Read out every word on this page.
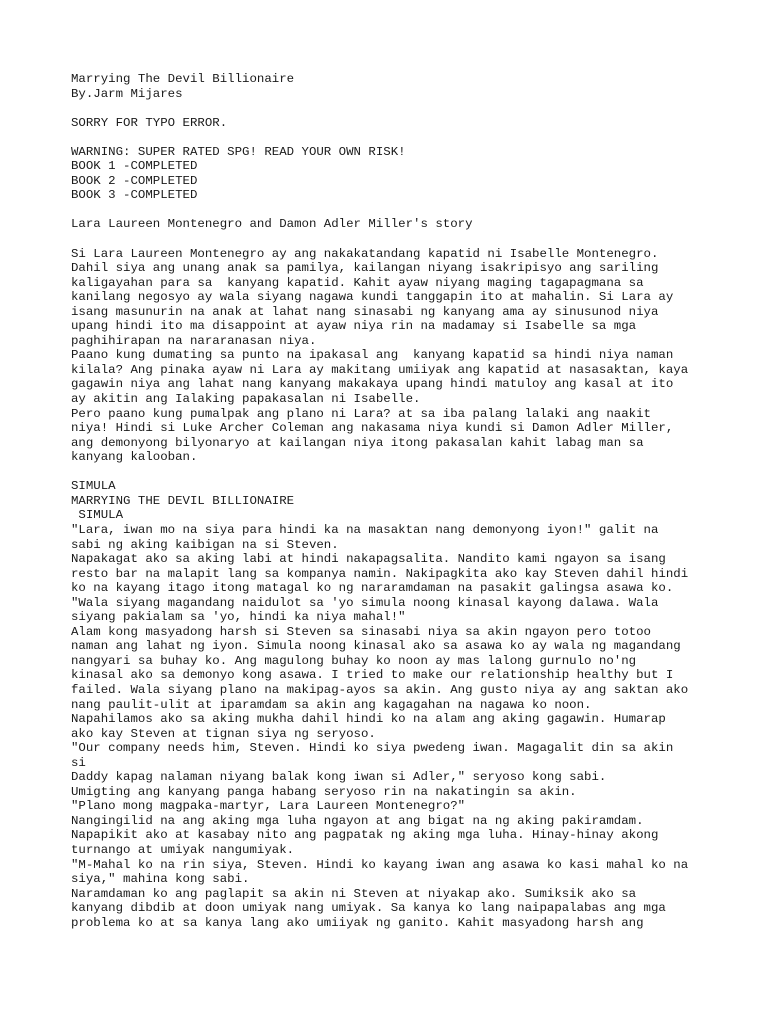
Marrying The Devil Billionaire
By.Jarm Mijares
SORRY FOR TYPO ERROR.
WARNING: SUPER RATED SPG! READ YOUR OWN RISK!
BOOK 1 -COMPLETED
BOOK 2 -COMPLETED
BOOK 3 -COMPLETED
Lara Laureen Montenegro and Damon Adler Miller's story
Si Lara Laureen Montenegro ay ang nakakatandang kapatid ni Isabelle Montenegro.
Dahil siya ang unang anak sa pamilya, kailangan niyang isakripisyo ang sariling
kaligayahan para sa  kanyang kapatid. Kahit ayaw niyang maging tagapagmana sa
kanilang negosyo ay wala siyang nagawa kundi tanggapin ito at mahalin. Si Lara ay
isang masunurin na anak at lahat nang sinasabi ng kanyang ama ay sinusunod niya
upang hindi ito ma disappoint at ayaw niya rin na madamay si Isabelle sa mga
paghihirapan na nararanasan niya.
Paano kung dumating sa punto na ipakasal ang  kanyang kapatid sa hindi niya naman
kilala? Ang pinaka ayaw ni Lara ay makitang umiiyak ang kapatid at nasasaktan, kaya
gagawin niya ang lahat nang kanyang makakaya upang hindi matuloy ang kasal at ito
ay akitin ang Ialaking papakasalan ni Isabelle.
Pero paano kung pumalpak ang plano ni Lara? at sa iba palang lalaki ang naakit
niya! Hindi si Luke Archer Coleman ang nakasama niya kundi si Damon Adler Miller,
ang demonyong bilyonaryo at kailangan niya itong pakasalan kahit labag man sa
kanyang kalooban.
SIMULA
MARRYING THE DEVIL BILLIONAIRE
SIMULA
"Lara, iwan mo na siya para hindi ka na masaktan nang demonyong iyon!" galit na
sabi ng aking kaibigan na si Steven.
Napakagat ako sa aking labi at hindi nakapagsalita. Nandito kami ngayon sa isang
resto bar na malapit lang sa kompanya namin. Nakipagkita ako kay Steven dahil hindi
ko na kayang itago itong matagal ko ng nararamdaman na pasakit galingsa asawa ko.
"Wala siyang magandang naidulot sa 'yo simula noong kinasal kayong dalawa. Wala
siyang pakialam sa 'yo, hindi ka niya mahal!"
Alam kong masyadong harsh si Steven sa sinasabi niya sa akin ngayon pero totoo
naman ang lahat ng iyon. Simula noong kinasal ako sa asawa ko ay wala ng magandang
nangyari sa buhay ko. Ang magulong buhay ko noon ay mas lalong gurnulo no'ng
kinasal ako sa demonyo kong asawa. I tried to make our relationship healthy but I
failed. Wala siyang plano na makipag-ayos sa akin. Ang gusto niya ay ang saktan ako
nang paulit-ulit at iparamdam sa akin ang kagagahan na nagawa ko noon.
Napahilamos ako sa aking mukha dahil hindi ko na alam ang aking gagawin. Humarap
ako kay Steven at tignan siya ng seryoso.
"Our company needs him, Steven. Hindi ko siya pwedeng iwan. Magagalit din sa akin
si
Daddy kapag nalaman niyang balak kong iwan si Adler," seryoso kong sabi.
Umigting ang kanyang panga habang seryoso rin na nakatingin sa akin.
"Plano mong magpaka-martyr, Lara Laureen Montenegro?"
Nangingilid na ang aking mga luha ngayon at ang bigat na ng aking pakiramdam.
Napapikit ako at kasabay nito ang pagpatak ng aking mga luha. Hinay-hinay akong
turnango at umiyak nangumiyak.
"M-Mahal ko na rin siya, Steven. Hindi ko kayang iwan ang asawa ko kasi mahal ko na
siya," mahina kong sabi.
Naramdaman ko ang paglapit sa akin ni Steven at niyakap ako. Sumiksik ako sa
kanyang dibdib at doon umiyak nang umiyak. Sa kanya ko lang naipapalabas ang mga
problema ko at sa kanya lang ako umiiyak ng ganito. Kahit masyadong harsh ang
